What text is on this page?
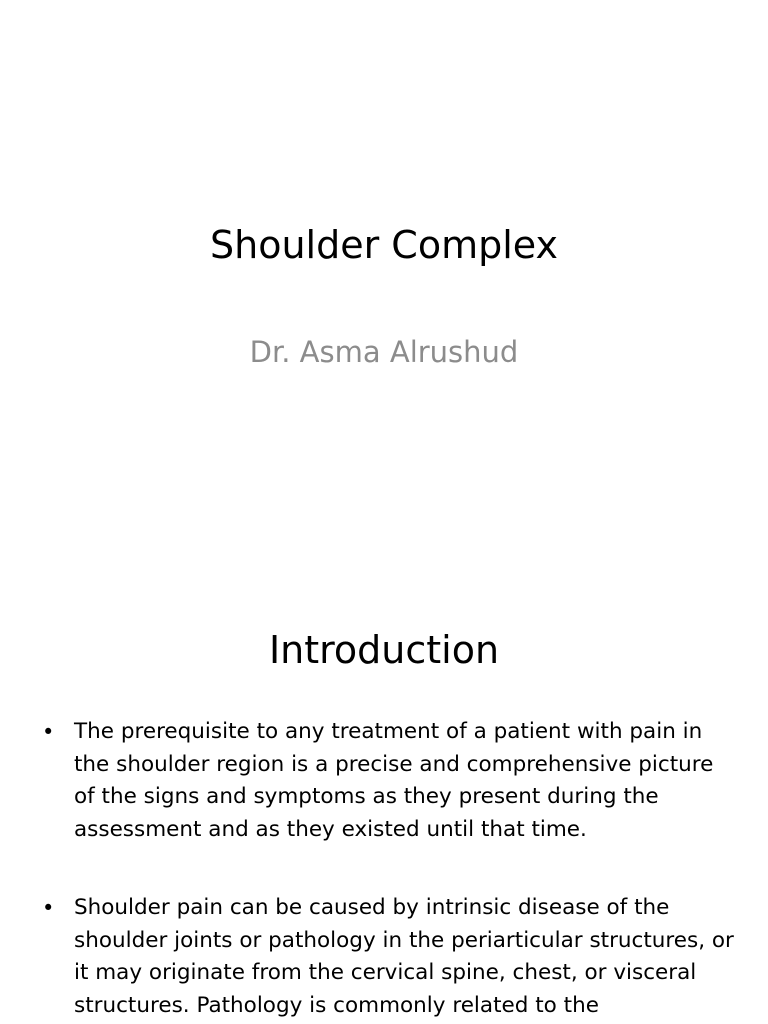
Shoulder Complex
Dr. Asma Alrushud
Introduction
• The prerequisite to any treatment of a patient with pain in the shoulder region is a precise and comprehensive picture of the signs and symptoms as they present during the assessment and as they existed until that time.
• Shoulder pain can be caused by intrinsic disease of the shoulder joints or pathology in the periarticular structures, or it may originate from the cervical spine, chest, or visceral structures. Pathology is commonly related to the
